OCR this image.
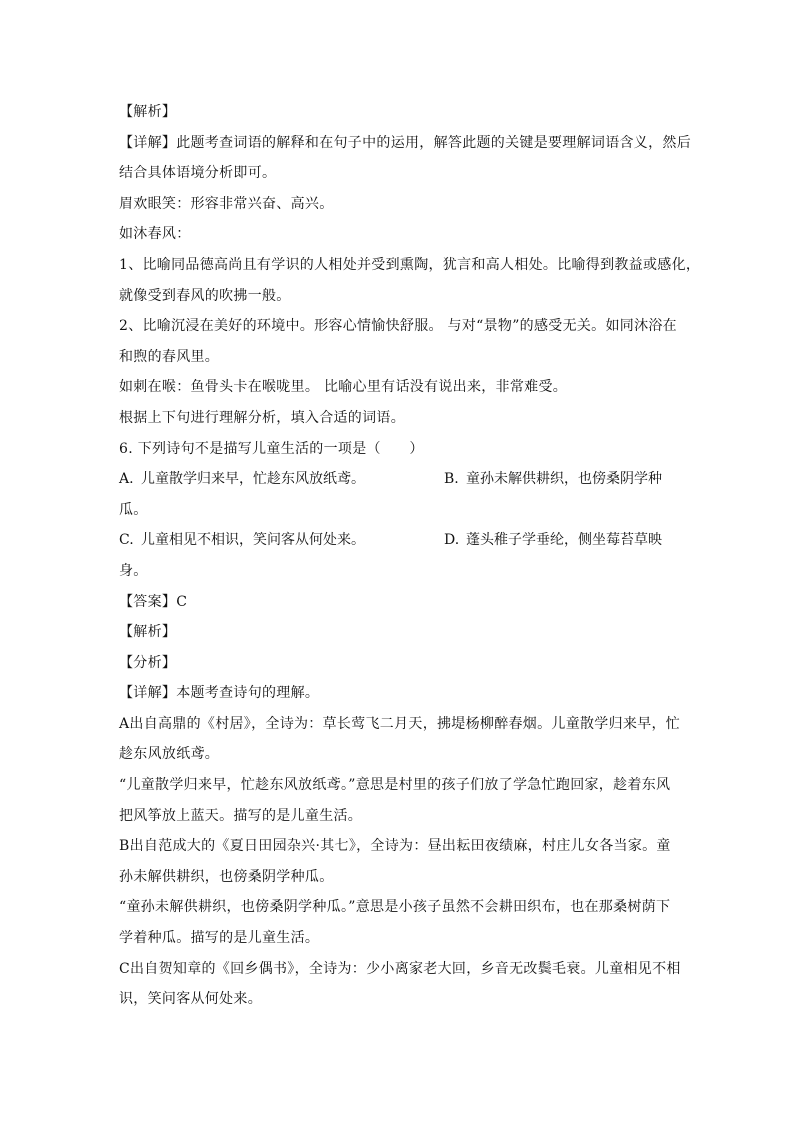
【解析】
【详解】此题考查词语的解释和在句子中的运用，解答此题的关键是要理解词语含义，然后
结合具体语境分析即可。
眉欢眼笑：形容非常兴奋、高兴。
如沐春风：
1、比喻同品德高尚且有学识的人相处并受到熏陶，犹言和高人相处。比喻得到教益或感化，
就像受到春风的吹拂一般。
2、比喻沉浸在美好的环境中。形容心情愉快舒服。 与对“景物”的感受无关。如同沐浴在
和煦的春风里。
如刺在喉：鱼骨头卡在喉咙里。 比喻心里有话没有说出来，非常难受。
根据上下句进行理解分析，填入合适的词语。
6. 下列诗句不是描写儿童生活的一项是（　　）
A. 儿童散学归来早，忙趁东风放纸鸢。	B. 童孙未解供耕织，也傍桑阴学种
瓜。
C. 儿童相见不相识，笑问客从何处来。	D. 蓬头稚子学垂纶，侧坐莓苔草映
身。
【答案】C
【解析】
【分析】
【详解】本题考查诗句的理解。
A出自高鼎的《村居》，全诗为：草长莺飞二月天，拂堤杨柳醉春烟。儿童散学归来早，忙
趁东风放纸鸢。
“儿童散学归来早，忙趁东风放纸鸢。”意思是村里的孩子们放了学急忙跑回家，趁着东风
把风筝放上蓝天。描写的是儿童生活。
B出自范成大的《夏日田园杂兴·其七》，全诗为：昼出耘田夜绩麻，村庄儿女各当家。童
孙未解供耕织，也傍桑阴学种瓜。
“童孙未解供耕织，也傍桑阴学种瓜。”意思是小孩子虽然不会耕田织布，也在那桑树荫下
学着种瓜。描写的是儿童生活。
C出自贺知章的《回乡偶书》，全诗为：少小离家老大回，乡音无改鬓毛衰。儿童相见不相
识，笑问客从何处来。
